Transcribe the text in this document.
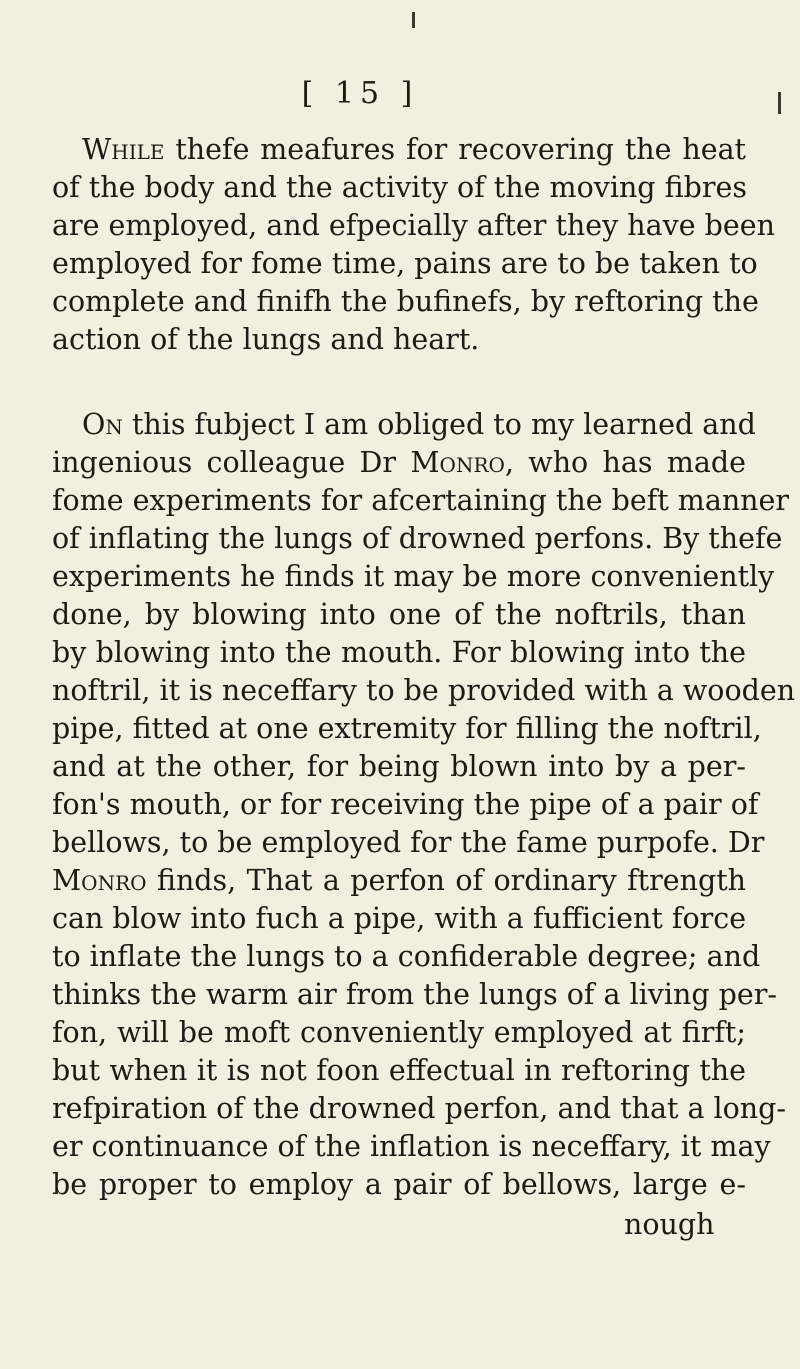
[ 15 ]
While thefe meafures for recovering the heat
of the body and the activity of the moving fibres
are employed, and efpecially after they have been
employed for fome time, pains are to be taken to
complete and finifh the bufinefs, by reftoring the
action of the lungs and heart.
On this fubject I am obliged to my learned and
ingenious colleague Dr Monro, who has made
fome experiments for afcertaining the beft manner
of inflating the lungs of drowned perfons. By thefe
experiments he finds it may be more conveniently
done, by blowing into one of the noftrils, than
by blowing into the mouth. For blowing into the
noftril, it is neceffary to be provided with a wooden
pipe, fitted at one extremity for filling the noftril,
and at the other, for being blown into by a per-
fon's mouth, or for receiving the pipe of a pair of
bellows, to be employed for the fame purpofe. Dr
Monro finds, That a perfon of ordinary ftrength
can blow into fuch a pipe, with a fufficient force
to inflate the lungs to a confiderable degree; and
thinks the warm air from the lungs of a living per-
fon, will be moft conveniently employed at firft;
but when it is not foon effectual in reftoring the
refpiration of the drowned perfon, and that a long-
er continuance of the inflation is neceffary, it may
be proper to employ a pair of bellows, large e-
nough
